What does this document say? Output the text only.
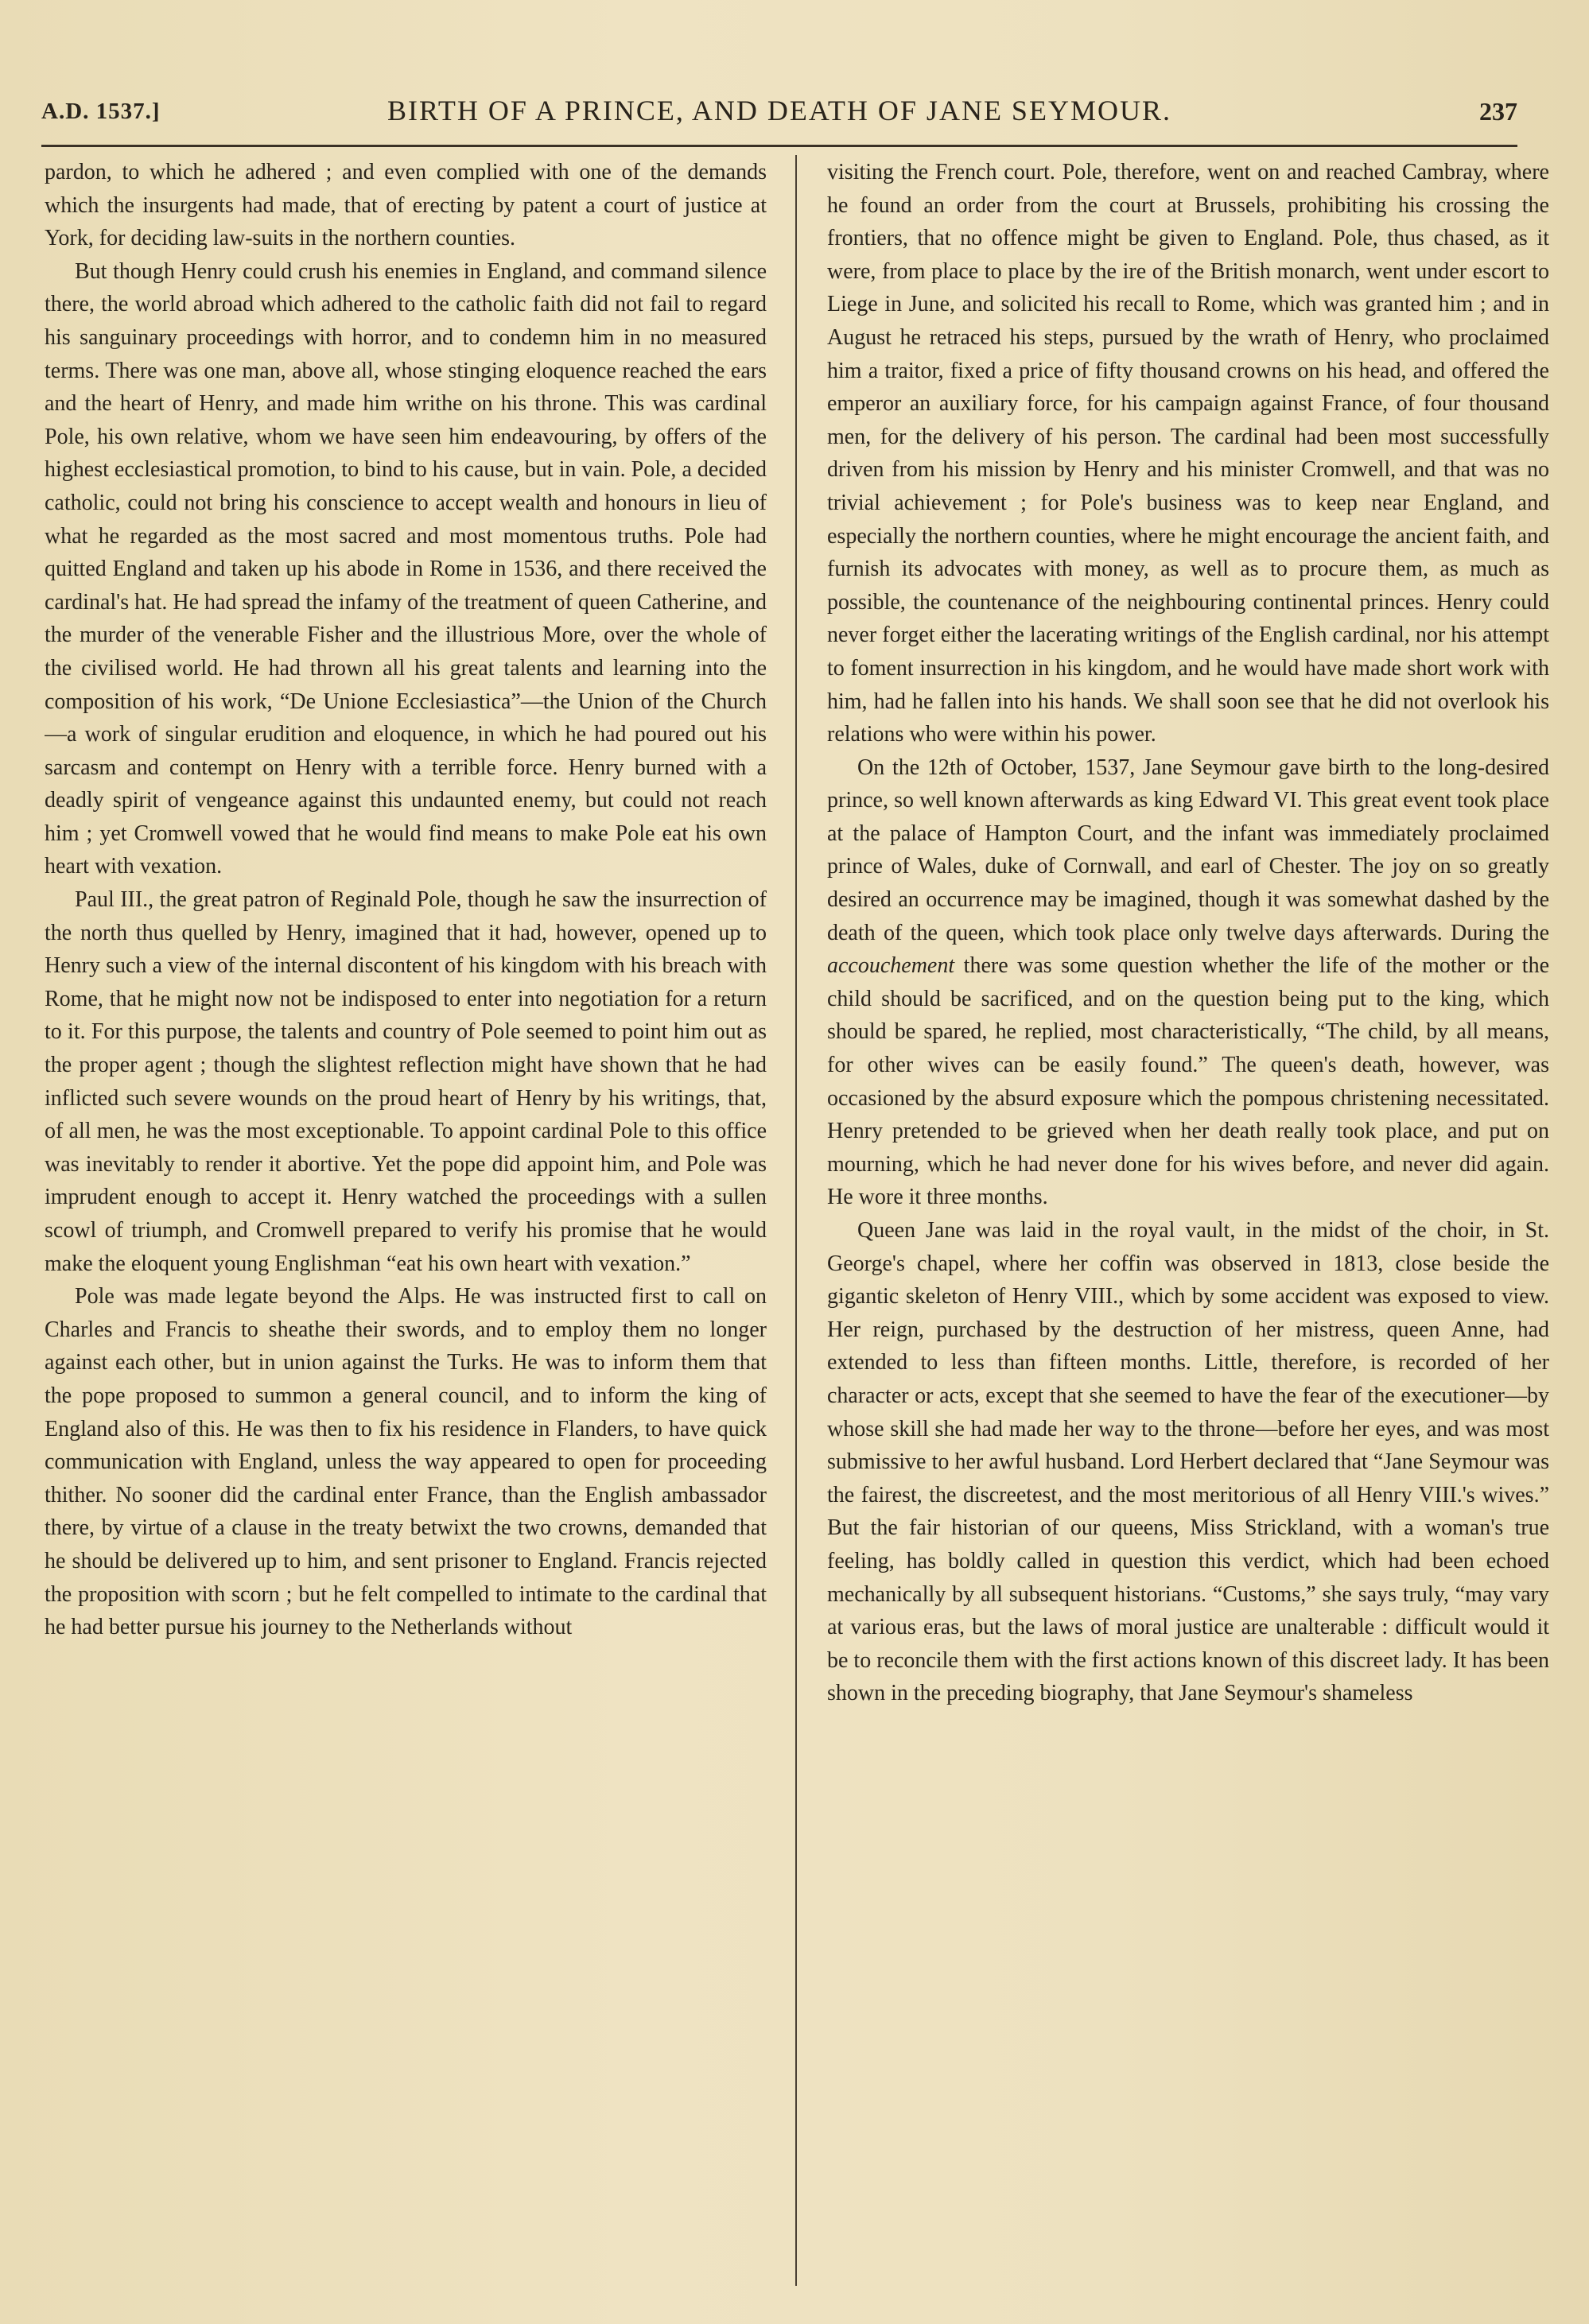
A.D. 1537.]	BIRTH OF A PRINCE, AND DEATH OF JANE SEYMOUR.	237

pardon, to which he adhered ; and even complied with one of the demands which the insurgents had made, that of erecting by patent a court of justice at York, for deciding law-suits in the northern counties.

But though Henry could crush his enemies in England, and command silence there, the world abroad which adhered to the catholic faith did not fail to regard his sanguinary proceedings with horror, and to condemn him in no measured terms. There was one man, above all, whose stinging eloquence reached the ears and the heart of Henry, and made him writhe on his throne. This was cardinal Pole, his own relative, whom we have seen him endeavouring, by offers of the highest ecclesiastical promotion, to bind to his cause, but in vain. Pole, a decided catholic, could not bring his conscience to accept wealth and honours in lieu of what he regarded as the most sacred and most momentous truths. Pole had quitted England and taken up his abode in Rome in 1536, and there received the cardinal's hat. He had spread the infamy of the treatment of queen Catherine, and the murder of the venerable Fisher and the illustrious More, over the whole of the civilised world. He had thrown all his great talents and learning into the composition of his work, “De Unione Ecclesiastica”—the Union of the Church—a work of singular erudition and eloquence, in which he had poured out his sarcasm and contempt on Henry with a terrible force. Henry burned with a deadly spirit of vengeance against this undaunted enemy, but could not reach him ; yet Cromwell vowed that he would find means to make Pole eat his own heart with vexation.

Paul III., the great patron of Reginald Pole, though he saw the insurrection of the north thus quelled by Henry, imagined that it had, however, opened up to Henry such a view of the internal discontent of his kingdom with his breach with Rome, that he might now not be indisposed to enter into negotiation for a return to it. For this purpose, the talents and country of Pole seemed to point him out as the proper agent ; though the slightest reflection might have shown that he had inflicted such severe wounds on the proud heart of Henry by his writings, that, of all men, he was the most exceptionable. To appoint cardinal Pole to this office was inevitably to render it abortive. Yet the pope did appoint him, and Pole was imprudent enough to accept it. Henry watched the proceedings with a sullen scowl of triumph, and Cromwell prepared to verify his promise that he would make the eloquent young Englishman “eat his own heart with vexation.”

Pole was made legate beyond the Alps. He was instructed first to call on Charles and Francis to sheathe their swords, and to employ them no longer against each other, but in union against the Turks. He was to inform them that the pope proposed to summon a general council, and to inform the king of England also of this. He was then to fix his residence in Flanders, to have quick communication with England, unless the way appeared to open for proceeding thither. No sooner did the cardinal enter France, than the English ambassador there, by virtue of a clause in the treaty betwixt the two crowns, demanded that he should be delivered up to him, and sent prisoner to England. Francis rejected the proposition with scorn ; but he felt compelled to intimate to the cardinal that he had better pursue his journey to the Netherlands without

visiting the French court. Pole, therefore, went on and reached Cambray, where he found an order from the court at Brussels, prohibiting his crossing the frontiers, that no offence might be given to England. Pole, thus chased, as it were, from place to place by the ire of the British monarch, went under escort to Liege in June, and solicited his recall to Rome, which was granted him ; and in August he retraced his steps, pursued by the wrath of Henry, who proclaimed him a traitor, fixed a price of fifty thousand crowns on his head, and offered the emperor an auxiliary force, for his campaign against France, of four thousand men, for the delivery of his person. The cardinal had been most successfully driven from his mission by Henry and his minister Cromwell, and that was no trivial achievement ; for Pole's business was to keep near England, and especially the northern counties, where he might encourage the ancient faith, and furnish its advocates with money, as well as to procure them, as much as possible, the countenance of the neighbouring continental princes. Henry could never forget either the lacerating writings of the English cardinal, nor his attempt to foment insurrection in his kingdom, and he would have made short work with him, had he fallen into his hands. We shall soon see that he did not overlook his relations who were within his power.

On the 12th of October, 1537, Jane Seymour gave birth to the long-desired prince, so well known afterwards as king Edward VI. This great event took place at the palace of Hampton Court, and the infant was immediately proclaimed prince of Wales, duke of Cornwall, and earl of Chester. The joy on so greatly desired an occurrence may be imagined, though it was somewhat dashed by the death of the queen, which took place only twelve days afterwards. During the accouchement there was some question whether the life of the mother or the child should be sacrificed, and on the question being put to the king, which should be spared, he replied, most characteristically, “The child, by all means, for other wives can be easily found.” The queen's death, however, was occasioned by the absurd exposure which the pompous christening necessitated. Henry pretended to be grieved when her death really took place, and put on mourning, which he had never done for his wives before, and never did again. He wore it three months.

Queen Jane was laid in the royal vault, in the midst of the choir, in St. George's chapel, where her coffin was observed in 1813, close beside the gigantic skeleton of Henry VIII., which by some accident was exposed to view. Her reign, purchased by the destruction of her mistress, queen Anne, had extended to less than fifteen months. Little, therefore, is recorded of her character or acts, except that she seemed to have the fear of the executioner—by whose skill she had made her way to the throne—before her eyes, and was most submissive to her awful husband. Lord Herbert declared that “Jane Seymour was the fairest, the discreetest, and the most meritorious of all Henry VIII.'s wives.” But the fair historian of our queens, Miss Strickland, with a woman's true feeling, has boldly called in question this verdict, which had been echoed mechanically by all subsequent historians. “Customs,” she says truly, “may vary at various eras, but the laws of moral justice are unalterable : difficult would it be to reconcile them with the first actions known of this discreet lady. It has been shown in the preceding biography, that Jane Seymour's shameless
